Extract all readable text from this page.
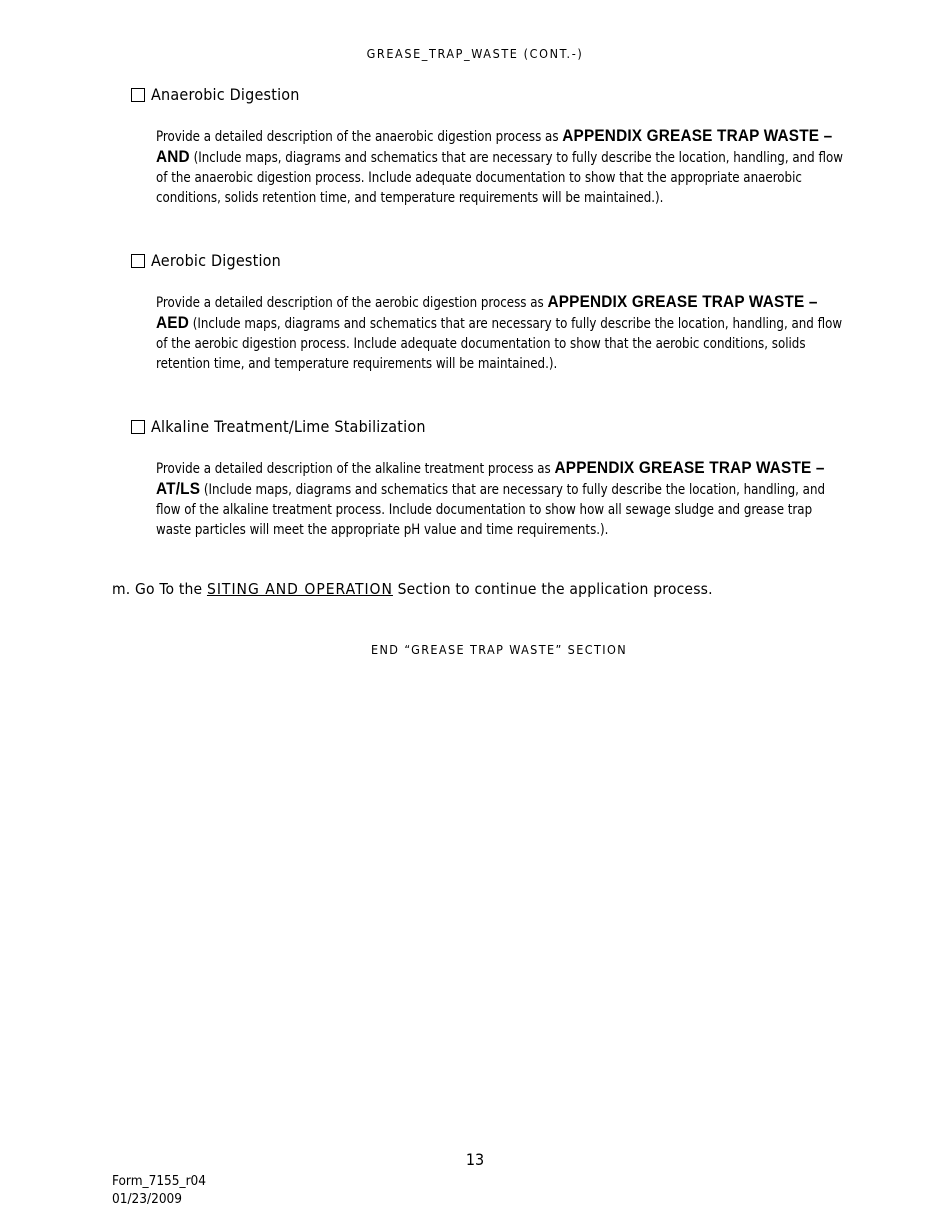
GREASE_TRAP_WASTE (CONT.-)
Anaerobic Digestion
Provide a detailed description of the anaerobic digestion process as APPENDIX GREASE TRAP WASTE – AND (Include maps, diagrams and schematics that are necessary to fully describe the location, handling, and flow of the anaerobic digestion process. Include adequate documentation to show that the appropriate anaerobic conditions, solids retention time, and temperature requirements will be maintained.).
Aerobic Digestion
Provide a detailed description of the aerobic digestion process as APPENDIX GREASE TRAP WASTE – AED (Include maps, diagrams and schematics that are necessary to fully describe the location, handling, and flow of the aerobic digestion process. Include adequate documentation to show that the aerobic conditions, solids retention time, and temperature requirements will be maintained.).
Alkaline Treatment/Lime Stabilization
Provide a detailed description of the alkaline treatment process as APPENDIX GREASE TRAP WASTE – AT/LS (Include maps, diagrams and schematics that are necessary to fully describe the location, handling, and flow of the alkaline treatment process. Include documentation to show how all sewage sludge and grease trap waste particles will meet the appropriate pH value and time requirements.).
m. Go To the SITING AND OPERATION Section to continue the application process.
END “GREASE TRAP WASTE” SECTION
13
Form_7155_r04
01/23/2009
